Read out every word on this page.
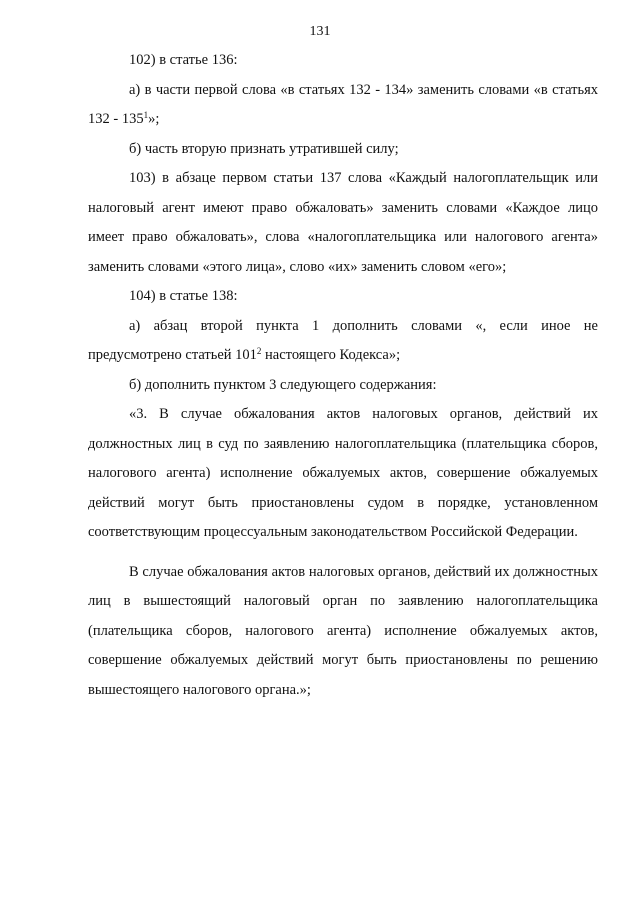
131

102) в статье 136:

а) в части первой слова «в статьях 132 - 134» заменить словами «в статьях $132 - 135^1$»;

б) часть вторую признать утратившей силу;

103) в абзаце первом статьи 137 слова «Каждый налогоплательщик или налоговый агент имеют право обжаловать» заменить словами «Каждое лицо имеет право обжаловать», слова «налогоплательщика или налогового агента» заменить словами «этого лица», слово «их» заменить словом «его»;

104) в статье 138:

а) абзац второй пункта 1 дополнить словами «, если иное не предусмотрено статьей $101^2$ настоящего Кодекса»;

б) дополнить пунктом 3 следующего содержания:

«3. В случае обжалования актов налоговых органов, действий их должностных лиц в суд по заявлению налогоплательщика (плательщика сборов, налогового агента) исполнение обжалуемых актов, совершение обжалуемых действий могут быть приостановлены судом в порядке, установленном соответствующим процессуальным законодательством Российской Федерации.

В случае обжалования актов налоговых органов, действий их должностных лиц в вышестоящий налоговый орган по заявлению налогоплательщика (плательщика сборов, налогового агента) исполнение обжалуемых актов, совершение обжалуемых действий могут быть приостановлены по решению вышестоящего налогового органа.»;
